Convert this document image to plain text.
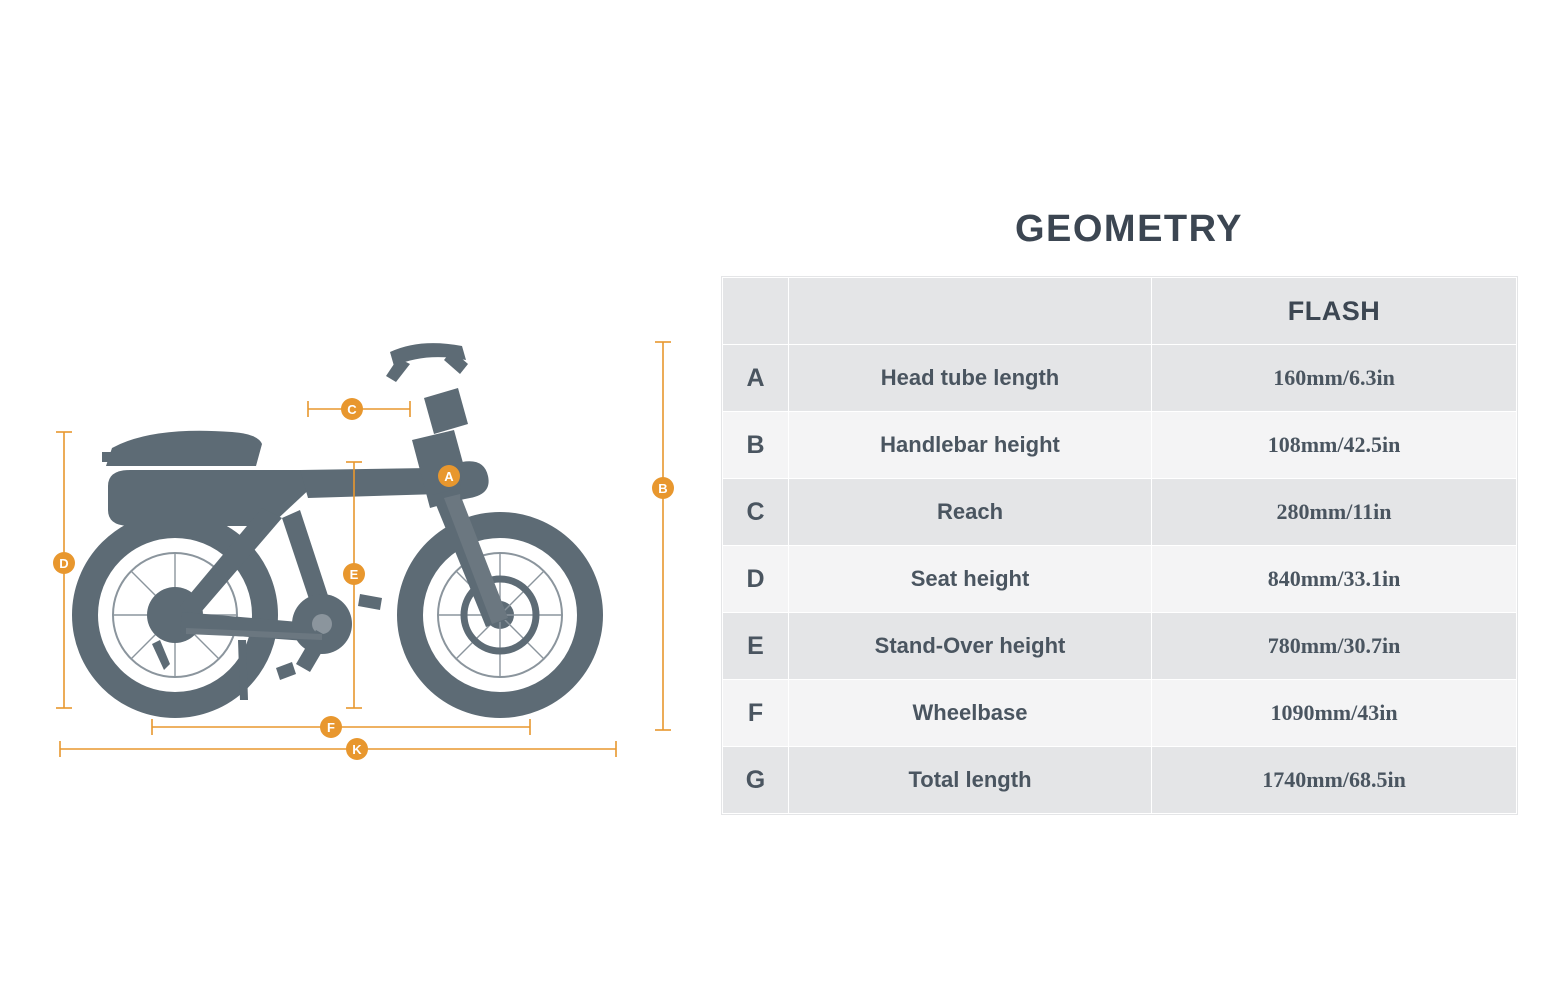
A
B
C
D
E
F
K
GEOMETRY
		FLASH
A	Head tube length	160mm/6.3in
B	Handlebar height	108mm/42.5in
C	Reach	280mm/11in
D	Seat height	840mm/33.1in
E	Stand-Over height	780mm/30.7in
F	Wheelbase	1090mm/43in
G	Total length	1740mm/68.5in
